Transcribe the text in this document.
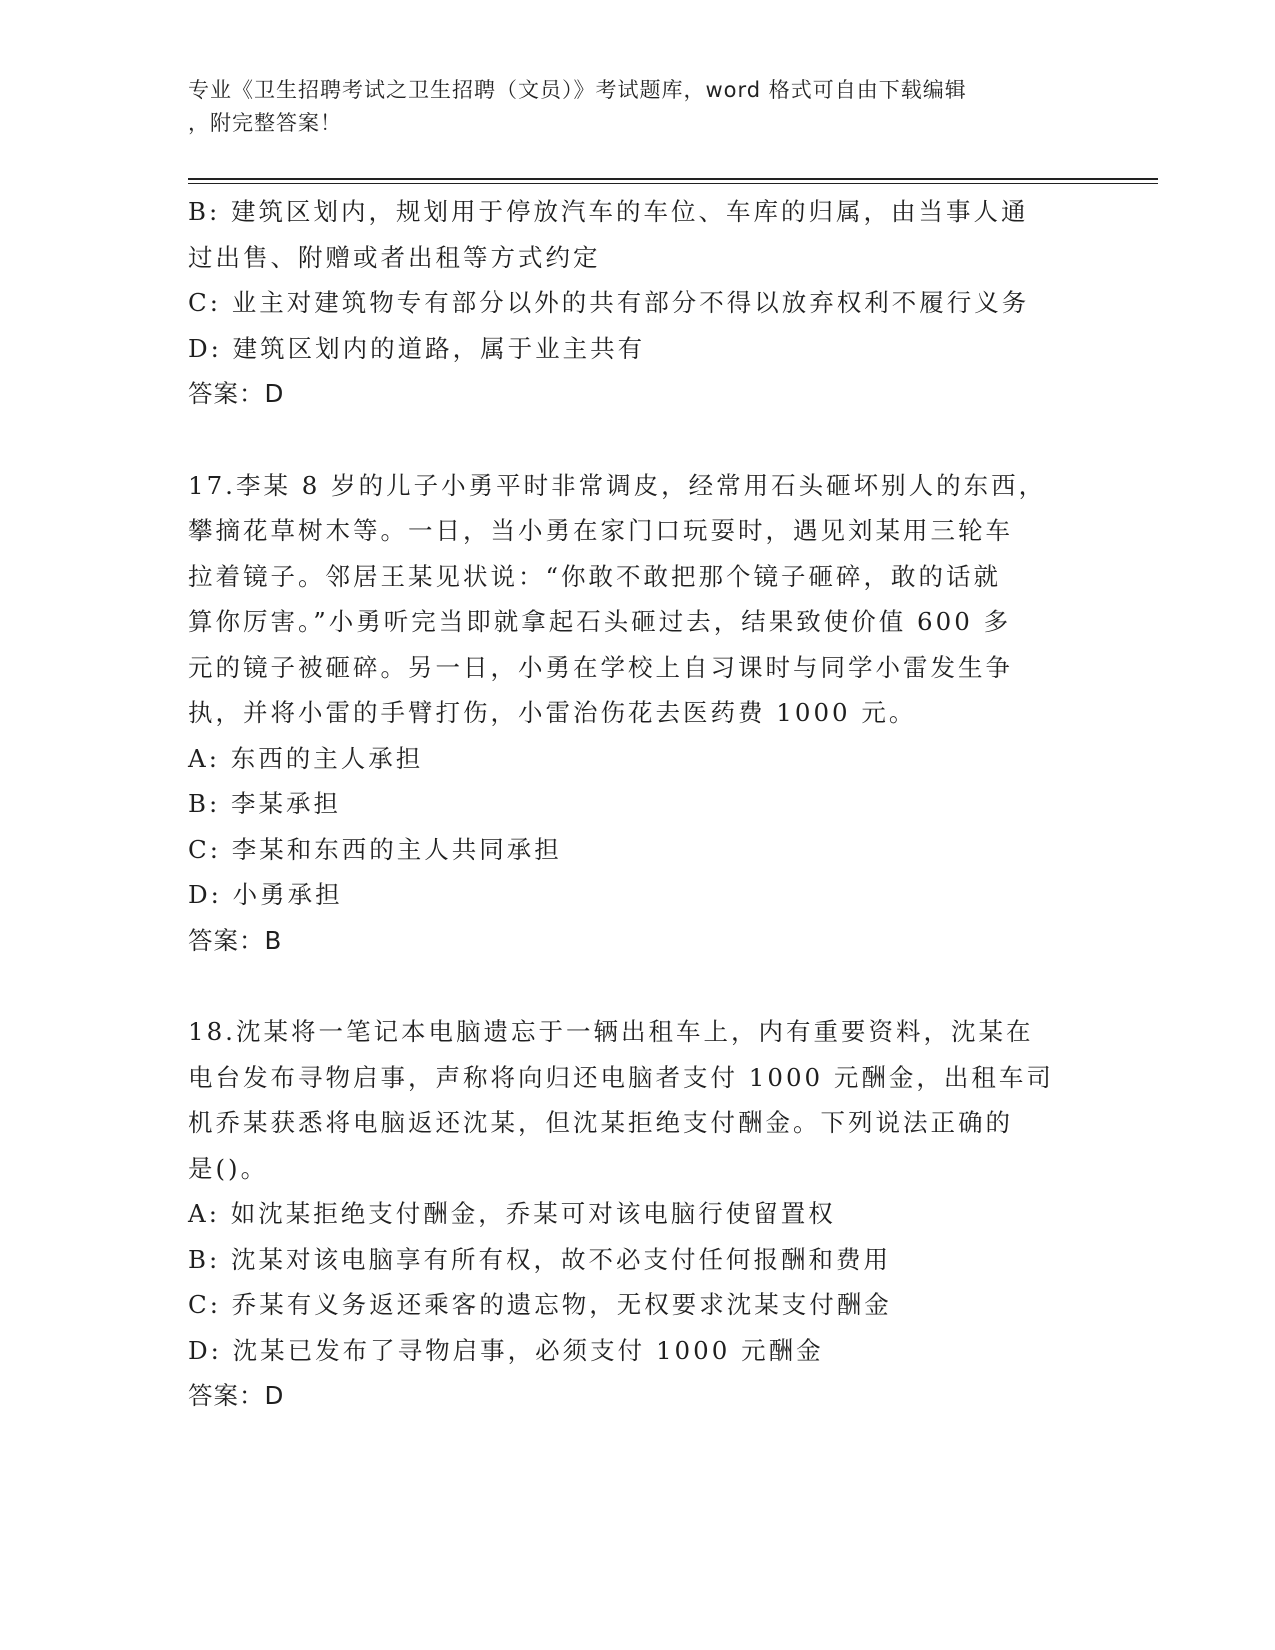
专业《卫生招聘考试之卫生招聘（文员）》考试题库，word 格式可自由下载编辑
，附完整答案！
B: 建筑区划内，规划用于停放汽车的车位、车库的归属，由当事人通
过出售、附赠或者出租等方式约定
C: 业主对建筑物专有部分以外的共有部分不得以放弃权利不履行义务
D: 建筑区划内的道路，属于业主共有
答案：D
17.李某 8 岁的儿子小勇平时非常调皮，经常用石头砸坏别人的东西，
攀摘花草树木等。一日，当小勇在家门口玩耍时，遇见刘某用三轮车
拉着镜子。邻居王某见状说：“你敢不敢把那个镜子砸碎，敢的话就
算你厉害。”小勇听完当即就拿起石头砸过去，结果致使价值 600 多
元的镜子被砸碎。另一日，小勇在学校上自习课时与同学小雷发生争
执，并将小雷的手臂打伤，小雷治伤花去医药费 1000 元。
A: 东西的主人承担
B: 李某承担
C: 李某和东西的主人共同承担
D: 小勇承担
答案：B
18.沈某将一笔记本电脑遗忘于一辆出租车上，内有重要资料，沈某在
电台发布寻物启事，声称将向归还电脑者支付 1000 元酬金，出租车司
机乔某获悉将电脑返还沈某，但沈某拒绝支付酬金。下列说法正确的
是()。
A: 如沈某拒绝支付酬金，乔某可对该电脑行使留置权
B: 沈某对该电脑享有所有权，故不必支付任何报酬和费用
C: 乔某有义务返还乘客的遗忘物，无权要求沈某支付酬金
D: 沈某已发布了寻物启事，必须支付 1000 元酬金
答案：D
